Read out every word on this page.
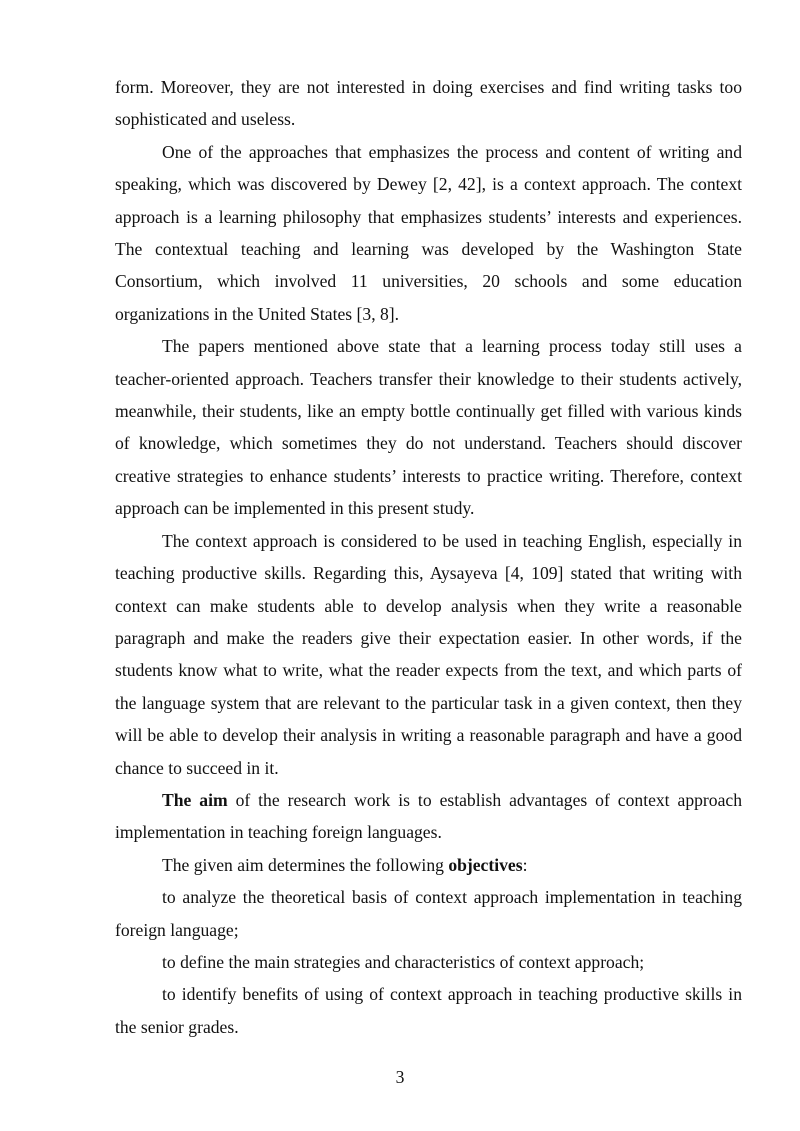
form. Moreover, they are not interested in doing exercises and find writing tasks too sophisticated and useless.

One of the approaches that emphasizes the process and content of writing and speaking, which was discovered by Dewey [2, 42], is a context approach. The context approach is a learning philosophy that emphasizes students’ interests and experiences. The contextual teaching and learning was developed by the Washington State Consortium, which involved 11 universities, 20 schools and some education organizations in the United States [3, 8].

The papers mentioned above state that a learning process today still uses a teacher-oriented approach. Teachers transfer their knowledge to their students actively, meanwhile, their students, like an empty bottle continually get filled with various kinds of knowledge, which sometimes they do not understand. Teachers should discover creative strategies to enhance students’ interests to practice writing. Therefore, context approach can be implemented in this present study.

The context approach is considered to be used in teaching English, especially in teaching productive skills. Regarding this, Aysayeva [4, 109] stated that writing with context can make students able to develop analysis when they write a reasonable paragraph and make the readers give their expectation easier. In other words, if the students know what to write, what the reader expects from the text, and which parts of the language system that are relevant to the particular task in a given context, then they will be able to develop their analysis in writing a reasonable paragraph and have a good chance to succeed in it.

The aim of the research work is to establish advantages of context approach implementation in teaching foreign languages.

The given aim determines the following objectives:

to analyze the theoretical basis of context approach implementation in teaching foreign language;

to define the main strategies and characteristics of context approach;

to identify benefits of using of context approach in teaching productive skills in the senior grades.

3
